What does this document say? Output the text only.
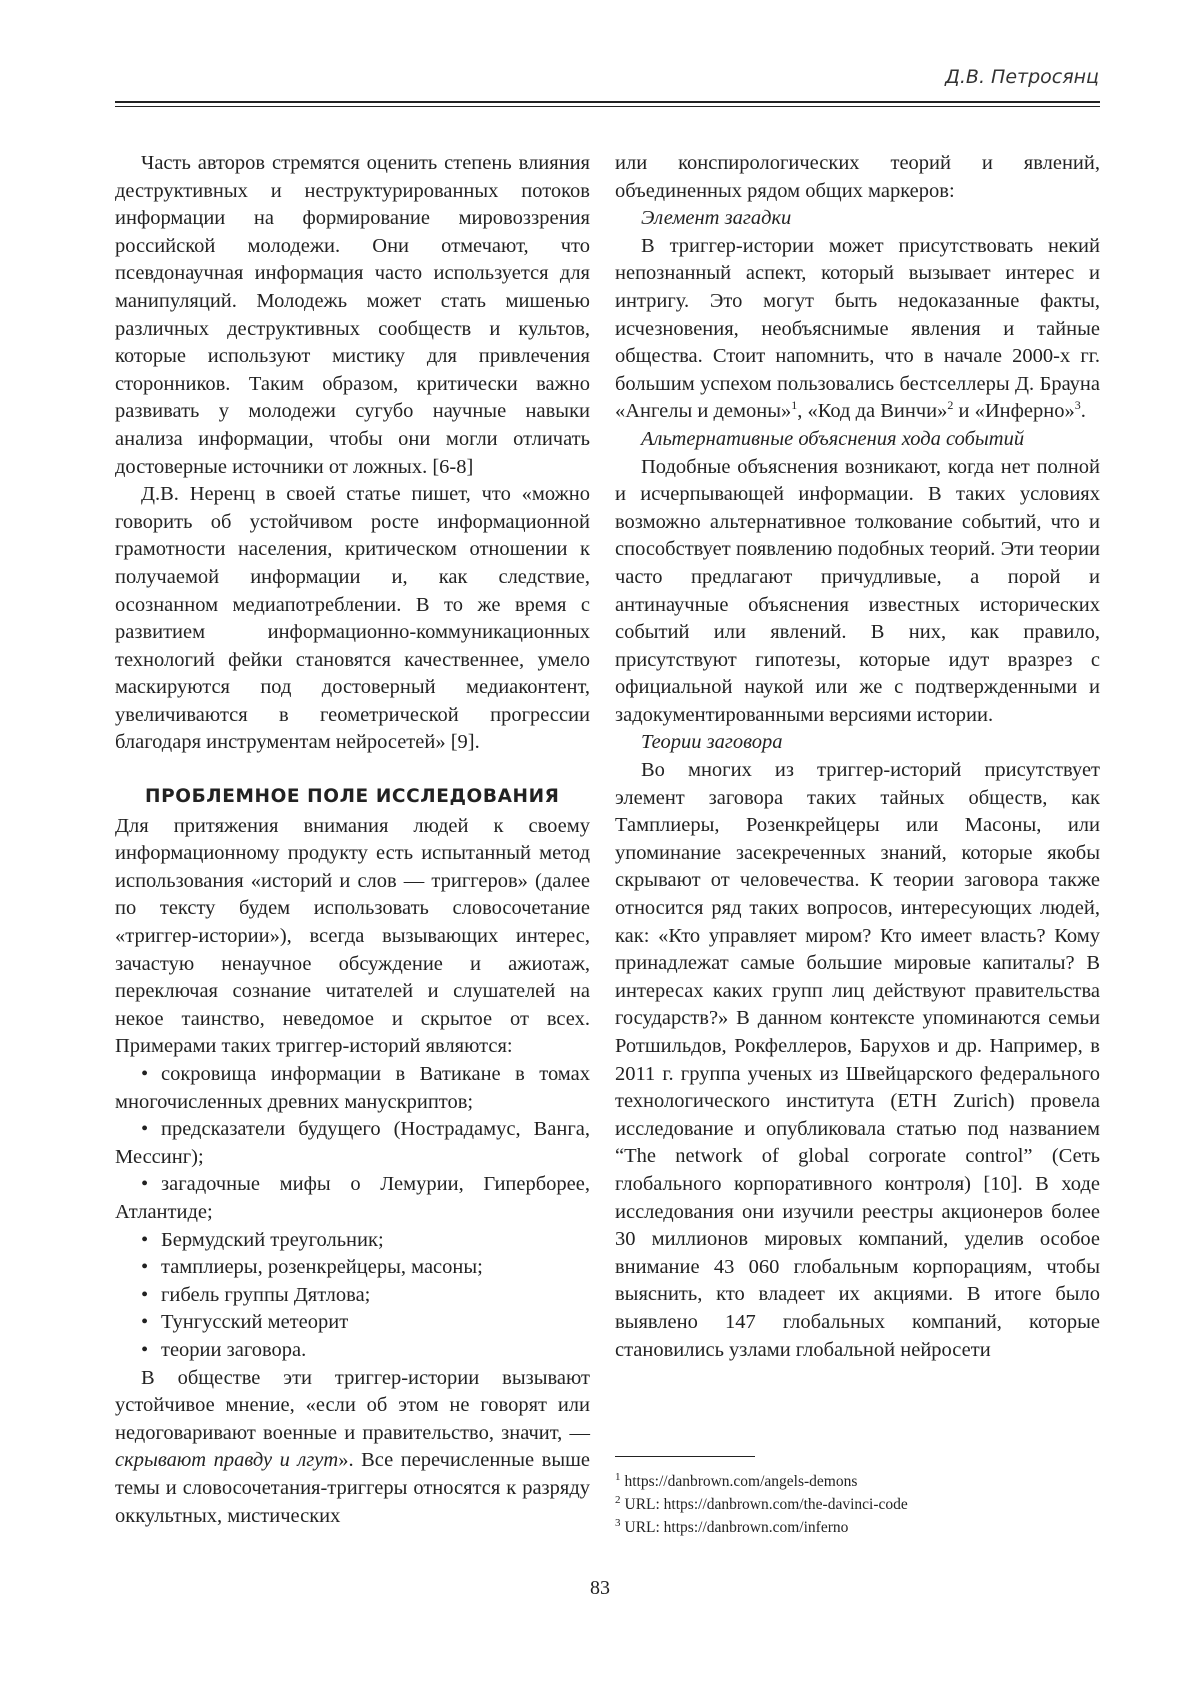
Д.В. Петросянц

Часть авторов стремятся оценить степень влияния деструктивных и неструктурированных потоков информации на формирование мировоззрения российской молодежи. Они отмечают, что псевдонаучная информация часто используется для манипуляций. Молодежь может стать мишенью различных деструктивных сообществ и культов, которые используют мистику для привлечения сторонников. Таким образом, критически важно развивать у молодежи сугубо научные навыки анализа информации, чтобы они могли отличать достоверные источники от ложных. [6-8]

Д.В. Неренц в своей статье пишет, что «можно говорить об устойчивом росте информационной грамотности населения, критическом отношении к получаемой информации и, как следствие, осознанном медиапотреблении. В то же время с развитием информационно-коммуникационных технологий фейки становятся качественнее, умело маскируются под достоверный медиаконтент, увеличиваются в геометрической прогрессии благодаря инструментам нейросетей» [9].

ПРОБЛЕМНОЕ ПОЛЕ ИССЛЕДОВАНИЯ

Для притяжения внимания людей к своему информационному продукту есть испытанный метод использования «историй и слов — триггеров» (далее по тексту будем использовать словосочетание «триггер-истории»), всегда вызывающих интерес, зачастую ненаучное обсуждение и ажиотаж, переключая сознание читателей и слушателей на некое таинство, неведомое и скрытое от всех. Примерами таких триггер-историй являются:

• сокровища информации в Ватикане в томах многочисленных древних манускриптов;
• предсказатели будущего (Нострадамус, Ванга, Мессинг);
• загадочные мифы о Лемурии, Гиперборее, Атлантиде;
• Бермудский треугольник;
• тамплиеры, розенкрейцеры, масоны;
• гибель группы Дятлова;
• Тунгусский метеорит
• теории заговора.

В обществе эти триггер-истории вызывают устойчивое мнение, «если об этом не говорят или недоговаривают военные и правительство, значит, — скрывают правду и лгут». Все перечисленные выше темы и словосочетания-триггеры относятся к разряду оккультных, мистических

или конспирологических теорий и явлений, объединенных рядом общих маркеров:

Элемент загадки

В триггер-истории может присутствовать некий непознанный аспект, который вызывает интерес и интригу. Это могут быть недоказанные факты, исчезновения, необъяснимые явления и тайные общества. Стоит напомнить, что в начале 2000-х гг. большим успехом пользовались бестселлеры Д. Брауна «Ангелы и демоны»$^1$, «Код да Винчи»$^2$ и «Инферно»$^3$.

Альтернативные объяснения хода событий

Подобные объяснения возникают, когда нет полной и исчерпывающей информации. В таких условиях возможно альтернативное толкование событий, что и способствует появлению подобных теорий. Эти теории часто предлагают причудливые, а порой и антинаучные объяснения известных исторических событий или явлений. В них, как правило, присутствуют гипотезы, которые идут вразрез с официальной наукой или же с подтвержденными и задокументированными версиями истории.

Теории заговора

Во многих из триггер-историй присутствует элемент заговора таких тайных обществ, как Тамплиеры, Розенкрейцеры или Масоны, или упоминание засекреченных знаний, которые якобы скрывают от человечества. К теории заговора также относится ряд таких вопросов, интересующих людей, как: «Кто управляет миром? Кто имеет власть? Кому принадлежат самые большие мировые капиталы? В интересах каких групп лиц действуют правительства государств?» В данном контексте упоминаются семьи Ротшильдов, Рокфеллеров, Барухов и др. Например, в 2011 г. группа ученых из Швейцарского федерального технологического института (ETH Zurich) провела исследование и опубликовала статью под названием “The network of global corporate control” (Сеть глобального корпоративного контроля) [10]. В ходе исследования они изучили реестры акционеров более 30 миллионов мировых компаний, уделив особое внимание 43 060 глобальным корпорациям, чтобы выяснить, кто владеет их акциями. В итоге было выявлено 147 глобальных компаний, которые становились узлами глобальной нейросети

$^1$ https://danbrown.com/angels-demons

$^2$ URL: https://danbrown.com/the-davinci-code

$^3$ URL: https://danbrown.com/inferno

83
